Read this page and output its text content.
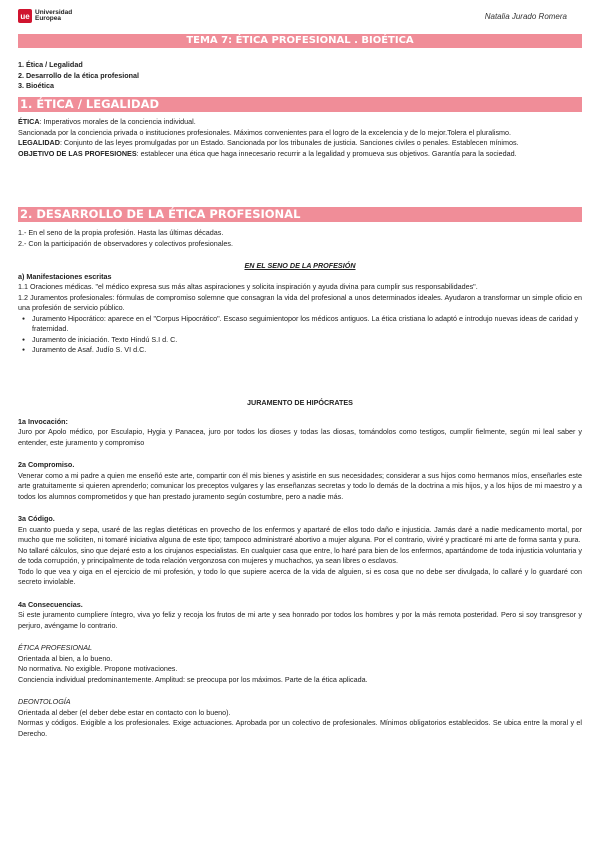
ue Universidad
Europea	Natalia Jurado Romera
TEMA 7: ÉTICA PROFESIONAL . BIOÉTICA
1. Ética / Legalidad
2. Desarrollo de la ética profesional
3. Bioética
1. ÉTICA / LEGALIDAD

ÉTICA: Imperativos morales de la conciencia individual.

Sancionada por la conciencia privada o instituciones profesionales. Máximos convenientes para el logro de la excelencia y de lo mejor.Tolera el pluralismo.

LEGALIDAD: Conjunto de las leyes promulgadas por un Estado. Sancionada por los tribunales de justicia. Sanciones civiles o penales. Establecen mínimos.

OBJETIVO DE LAS PROFESIONES: establecer una ética que haga innecesario recurrir a la legalidad y promueva sus objetivos. Garantía para la sociedad.

2. DESARROLLO DE LA ÉTICA PROFESIONAL

1.- En el seno de la propia profesión. Hasta las últimas décadas.

2.- Con la participación de observadores y colectivos profesionales.

EN EL SENO DE LA PROFESIÓN

a) Manifestaciones escritas

1.1 Oraciones médicas. "el médico expresa sus más altas aspiraciones y solicita inspiración y ayuda divina para cumplir sus responsabilidades".

1.2 Juramentos profesionales: fórmulas de compromiso solemne que consagran la vida del profesional a unos determinados ideales. Ayudaron a transformar un simple oficio en una profesión de servicio público.

● Juramento Hipocrático: aparece en el "Corpus Hipocrático". Escaso seguimientopor los médicos antiguos. La ética cristiana lo adaptó e introdujo nuevas ideas de caridad y fraternidad.
● Juramento de iniciación. Texto Hindú S.I d. C.
● Juramento de Asaf. Judío S. VI d.C.

JURAMENTO DE HIPÓCRATES

1a Invocación:

Juro por Apolo médico, por Esculapio, Hygia y Panacea, juro por todos los dioses y todas las diosas, tomándolos como testigos, cumplir fielmente, según mi leal saber y entender, este juramento y compromiso

2a Compromiso.

Venerar como a mi padre a quien me enseñó este arte, compartir con él mis bienes y asistirle en sus necesidades; considerar a sus hijos como hermanos míos, enseñarles este arte gratuitamente si quieren aprenderlo; comunicar los preceptos vulgares y las enseñanzas secretas y todo lo demás de la doctrina a mis hijos, y a los hijos de mi maestro y a todos los alumnos comprometidos y que han prestado juramento según costumbre, pero a nadie más.

3a Código.

En cuanto pueda y sepa, usaré de las reglas dietéticas en provecho de los enfermos y apartaré de ellos todo daño e injusticia. Jamás daré a nadie medicamento mortal, por mucho que me soliciten, ni tomaré iniciativa alguna de este tipo; tampoco administraré abortivo a mujer alguna. Por el contrario, viviré y practicaré mi arte de forma santa y pura.

No tallaré cálculos, sino que dejaré esto a los cirujanos especialistas. En cualquier casa que entre, lo haré para bien de los enfermos, apartándome de toda injusticia voluntaria y de toda corrupción, y principalmente de toda relación vergonzosa con mujeres y muchachos, ya sean libres o esclavos.

Todo lo que vea y oiga en el ejercicio de mi profesión, y todo lo que supiere acerca de la vida de alguien, si es cosa que no debe ser divulgada, lo callaré y lo guardaré con secreto inviolable.

4a Consecuencias.

Si este juramento cumpliere íntegro, viva yo feliz y recoja los frutos de mi arte y sea honrado por todos los hombres y por la más remota posteridad. Pero si soy transgresor y perjuro, avéngame lo contrario.

ÉTICA PROFESIONAL

Orientada al bien, a lo bueno.

No normativa. No exigible. Propone motivaciones.

Conciencia individual predominantemente. Amplitud: se preocupa por los máximos. Parte de la ética aplicada.

DEONTOLOGÍA

Orientada al deber (el deber debe estar en contacto con lo bueno).

Normas y códigos. Exigible a los profesionales. Exige actuaciones. Aprobada por un colectivo de profesionales. Mínimos obligatorios establecidos. Se ubica entre la moral y el Derecho.
